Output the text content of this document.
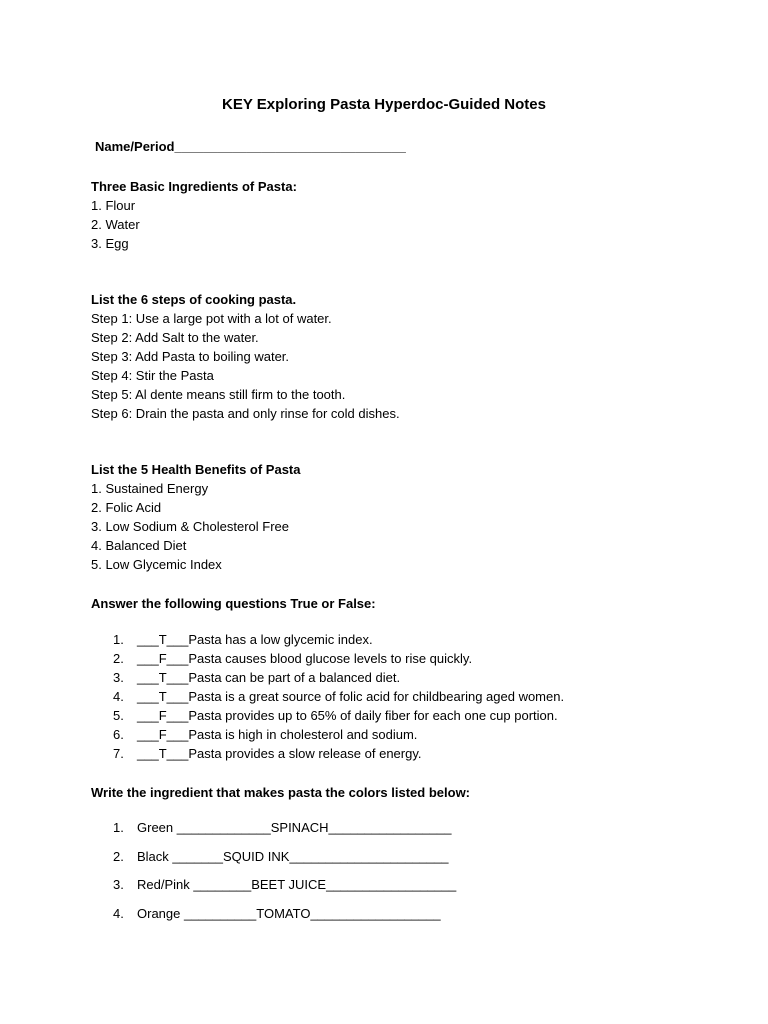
KEY Exploring Pasta Hyperdoc-Guided Notes
Name/Period________________________________
Three Basic Ingredients of Pasta:
1. Flour
2. Water
3. Egg
List the 6 steps of cooking pasta.
Step 1: Use a large pot with a lot of water.
Step 2: Add Salt to the water.
Step 3: Add Pasta to boiling water.
Step 4: Stir the Pasta
Step 5: Al dente means still firm to the tooth.
Step 6: Drain the pasta and only rinse for cold dishes.
List the 5 Health Benefits of Pasta
1. Sustained Energy
2. Folic Acid
3. Low Sodium & Cholesterol Free
4. Balanced Diet
5. Low Glycemic Index
Answer the following questions True or False:
1.	___T___Pasta has a low glycemic index.
2.	___F___Pasta causes blood glucose levels to rise quickly.
3.	___T___Pasta can be part of a balanced diet.
4.	___T___Pasta is a great source of folic acid for childbearing aged women.
5.	___F___Pasta provides up to 65% of daily fiber for each one cup portion.
6.	___F___Pasta is high in cholesterol and sodium.
7.	___T___Pasta provides a slow release of energy.
Write the ingredient that makes pasta the colors listed below:
1.	Green _____________SPINACH_________________
2.	Black _______SQUID INK______________________
3.	Red/Pink ________BEET JUICE__________________
4.	Orange __________TOMATO__________________
